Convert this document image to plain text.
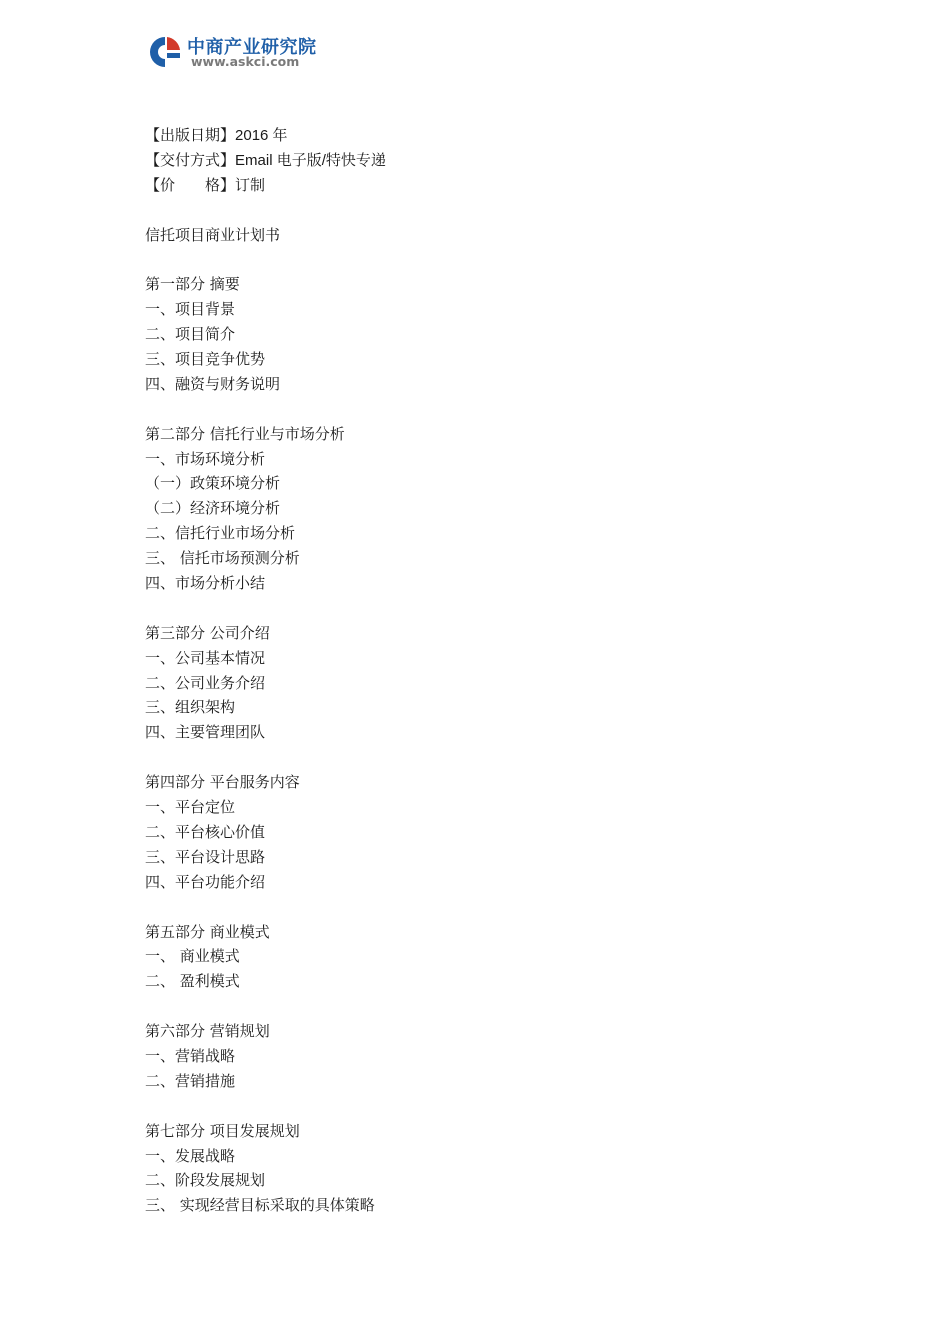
中商产业研究院
www.askci.com
【出版日期】2016 年
【交付方式】Email 电子版/特快专递
【价　　格】订制
信托项目商业计划书
第一部分 摘要
一、项目背景
二、项目简介
三、项目竞争优势
四、融资与财务说明
第二部分 信托行业与市场分析
一、市场环境分析
（一）政策环境分析
（二）经济环境分析
二、信托行业市场分析
三、 信托市场预测分析
四、市场分析小结
第三部分 公司介绍
一、公司基本情况
二、公司业务介绍
三、组织架构
四、主要管理团队
第四部分 平台服务内容
一、平台定位
二、平台核心价值
三、平台设计思路
四、平台功能介绍
第五部分 商业模式
一、 商业模式
二、 盈利模式
第六部分 营销规划
一、营销战略
二、营销措施
第七部分 项目发展规划
一、发展战略
二、阶段发展规划
三、 实现经营目标采取的具体策略
